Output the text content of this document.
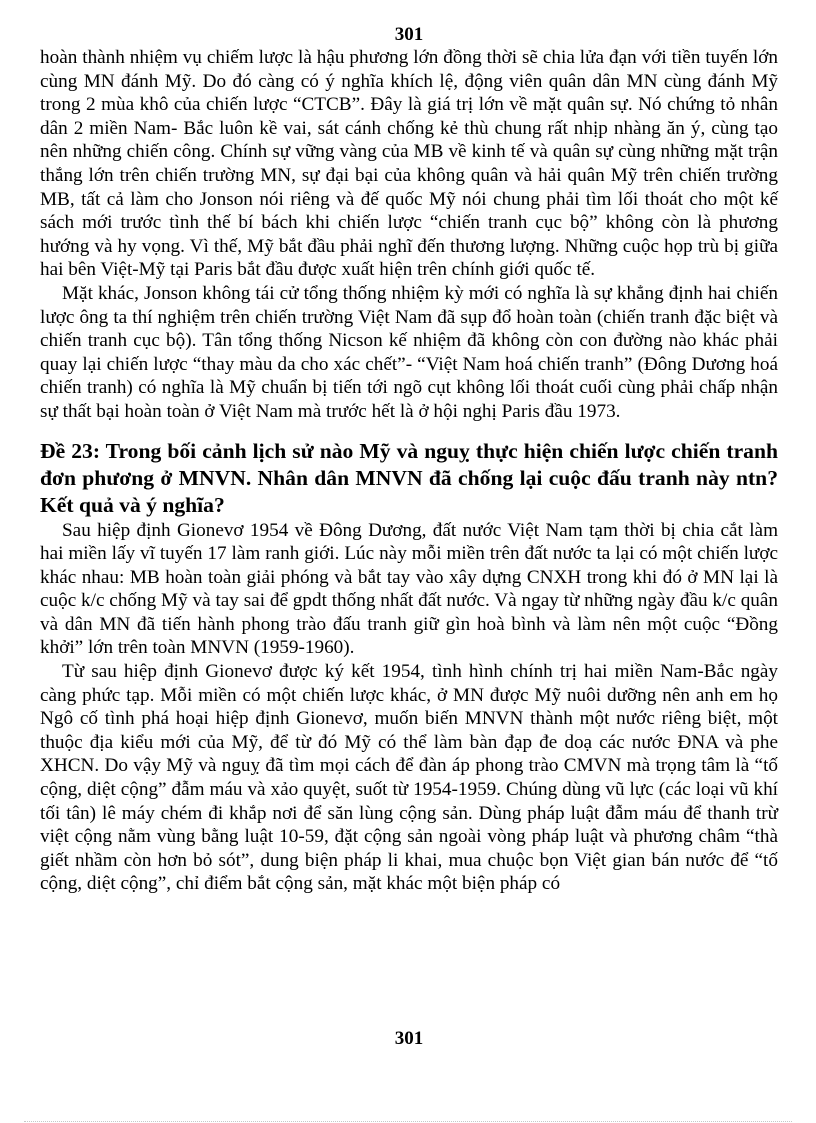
301

hoàn thành nhiệm vụ chiếm lược là hậu phương lớn đồng thời sẽ chia lửa đạn với tiền tuyến lớn cùng MN đánh Mỹ. Do đó càng có ý nghĩa khích lệ, động viên quân dân MN cùng đánh Mỹ trong 2 mùa khô của chiến lược “CTCB”. Đây là giá trị lớn về mặt quân sự. Nó chứng tỏ nhân dân 2 miền Nam- Bắc luôn kề vai, sát cánh chống kẻ thù chung rất nhịp nhàng ăn ý, cùng tạo nên những chiến công. Chính sự vững vàng của MB về kinh tế và quân sự cùng những mặt trận thắng lớn trên chiến trường MN, sự đại bại của không quân và hải quân Mỹ trên chiến trường MB, tất cả làm cho Jonson nói riêng và đế quốc Mỹ nói chung phải tìm lối thoát cho một kế sách mới trước tình thế bí bách khi chiến lược “chiến tranh cục bộ” không còn là phương hướng và hy vọng. Vì thế, Mỹ bắt đầu phải nghĩ đến thương lượng. Những cuộc họp trù bị giữa hai bên Việt-Mỹ tại Paris bắt đầu được xuất hiện trên chính giới quốc tế.

Mặt khác, Jonson không tái cử tổng thống nhiệm kỳ mới có nghĩa là sự khẳng định hai chiến lược ông ta thí nghiệm trên chiến trường Việt Nam đã sụp đổ hoàn toàn (chiến tranh đặc biệt và chiến tranh cục bộ). Tân tổng thống Nicson kế nhiệm đã không còn con đường nào khác phải quay lại chiến lược “thay màu da cho xác chết”- “Việt Nam hoá chiến tranh” (Đông Dương hoá chiến tranh) có nghĩa là Mỹ chuẩn bị tiến tới ngõ cụt không lối thoát cuối cùng phải chấp nhận sự thất bại hoàn toàn ở Việt Nam mà trước hết là ở hội nghị Paris đầu 1973.

Đề 23: Trong bối cảnh lịch sử nào Mỹ và nguỵ thực hiện chiến lược chiến tranh đơn phương ở MNVN. Nhân dân MNVN đã chống lại cuộc đấu tranh này ntn? Kết quả và ý nghĩa?

Sau hiệp định Gionevơ 1954 về Đông Dương, đất nước Việt Nam tạm thời bị chia cắt làm hai miền lấy vĩ tuyến 17 làm ranh giới. Lúc này mỗi miền trên đất nước ta lại có một chiến lược khác nhau: MB hoàn toàn giải phóng và bắt tay vào xây dựng CNXH trong khi đó ở MN lại là cuộc k/c chống Mỹ và tay sai để gpdt thống nhất đất nước. Và ngay từ những ngày đầu k/c quân và dân MN đã tiến hành phong trào đấu tranh giữ gìn hoà bình và làm nên một cuộc “Đồng khởi” lớn trên toàn MNVN (1959-1960).

Từ sau hiệp định Gionevơ được ký kết 1954, tình hình chính trị hai miền Nam-Bắc ngày càng phức tạp. Mỗi miền có một chiến lược khác, ở MN được Mỹ nuôi dưỡng nên anh em họ Ngô cố tình phá hoại hiệp định Gionevơ, muốn biến MNVN thành một nước riêng biệt, một thuộc địa kiểu mới của Mỹ, để từ đó Mỹ có thể làm bàn đạp đe doạ các nước ĐNA và phe XHCN. Do vậy Mỹ và nguỵ đã tìm mọi cách để đàn áp phong trào CMVN mà trọng tâm là “tố cộng, diệt cộng” đẫm máu và xảo quyệt, suốt từ 1954-1959. Chúng dùng vũ lực (các loại vũ khí tối tân) lê máy chém đi khắp nơi để săn lùng cộng sản. Dùng pháp luật đẫm máu để thanh trừ việt cộng nằm vùng bằng luật 10-59, đặt cộng sản ngoài vòng pháp luật và phương châm “thà giết nhầm còn hơn bỏ sót”, dung biện pháp li khai, mua chuộc bọn Việt gian bán nước để “tố cộng, diệt cộng”, chỉ điểm bắt cộng sản, mặt khác một biện pháp có

301
